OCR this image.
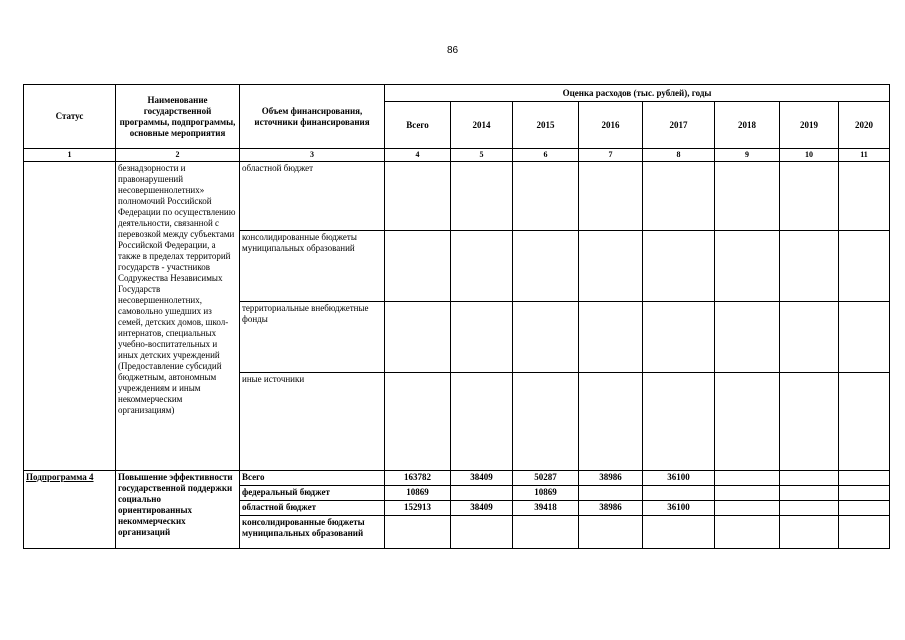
86
Статус	Наименование государственной программы, подпрограммы, основные мероприятия	Объем финансирования, источники финансирования	Оценка расходов (тыс. рублей), годы							
			Всего	2014	2015	2016	2017	2018	2019	2020
1	2	3	4	5	6	7	8	9	10	11
	безнадзорности и правонарушений несовершеннолетних» полномочий Российской Федерации по осуществлению деятельности, связанной с перевозкой между субъектами Российской Федерации, а также в пределах территорий государств - участников Содружества Независимых Государств несовершеннолетних, самовольно ушедших из семей, детских домов, школ-интернатов, специальных учебно-воспитательных и иных детских учреждений (Предоставление субсидий бюджетным, автономным учреждениям и иным некоммерческим организациям)	областной бюджет								
		консолидированные бюджеты муниципальных образований								
		территориальные внебюджетные фонды								
		иные источники								
Подпрограмма 4	Повышение эффективности государственной поддержки социально ориентированных некоммерческих организаций	Всего	163782	38409	50287	38986	36100			
		федеральный бюджет	10869		10869					
		областной бюджет	152913	38409	39418	38986	36100			
		консолидированные бюджеты муниципальных образований								
